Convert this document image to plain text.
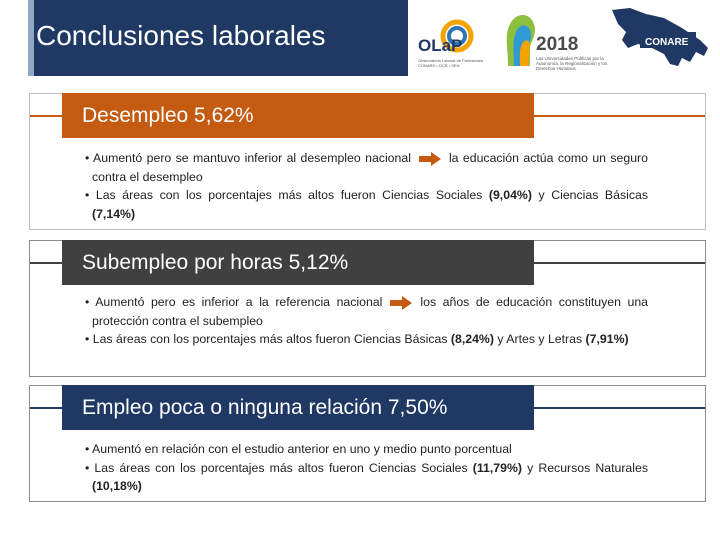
Conclusiones laborales	OLaP
Observatorio Laboral de Profesiones CONARE • OCR • SEN
2018
Las Universidades Públicas por la Autonomía, la Regionalización y los Derechos Humanos
CONARE
Desempleo 5,62%

• Aumentó pero se mantuvo inferior al desempleo nacional	la educación actúa como un seguro contra el desempleo

• Las áreas con los porcentajes más altos fueron Ciencias Sociales (9,04%) y Ciencias Básicas (7,14%)

Subempleo por horas 5,12%

• Aumentó pero es inferior a la referencia nacional	los años de educación constituyen una protección contra el subempleo

• Las áreas con los porcentajes más altos fueron Ciencias Básicas (8,24%) y Artes y Letras (7,91%)

Empleo poca o ninguna relación 7,50%

• Aumentó en relación con el estudio anterior en uno y medio punto porcentual

• Las áreas con los porcentajes más altos fueron Ciencias Sociales (11,79%) y Recursos Naturales (10,18%)
